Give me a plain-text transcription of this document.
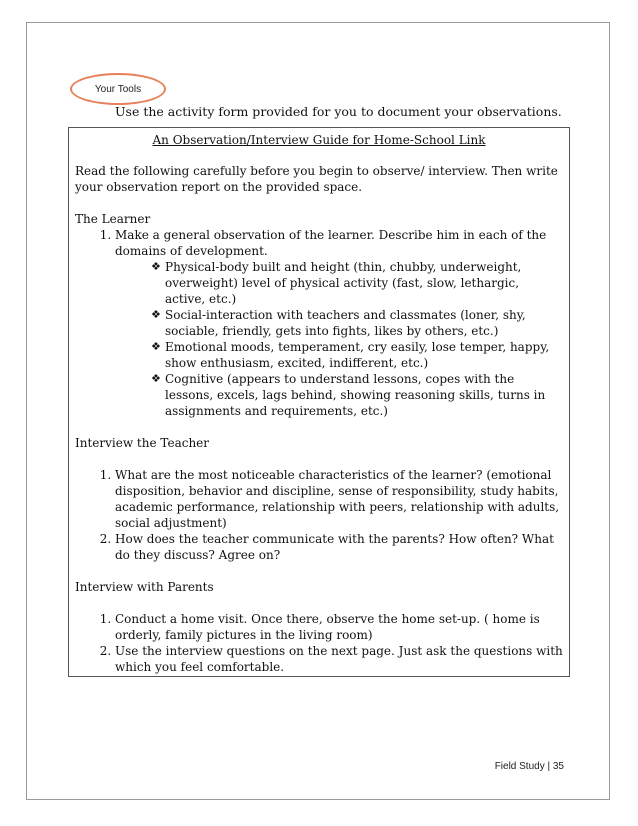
Your Tools
Use the activity form provided for you to document your observations.
An Observation/Interview Guide for Home-School Link
Read the following carefully before you begin to observe/ interview. Then write your observation report on the provided space.
The Learner
1. Make a general observation of the learner. Describe him in each of the domains of development.
❖ Physical-body built and height (thin, chubby, underweight, overweight) level of physical activity (fast, slow, lethargic, active, etc.)
❖ Social-interaction with teachers and classmates (loner, shy, sociable, friendly, gets into fights, likes by others, etc.)
❖ Emotional moods, temperament, cry easily, lose temper, happy, show enthusiasm, excited, indifferent, etc.)
❖ Cognitive (appears to understand lessons, copes with the lessons, excels, lags behind, showing reasoning skills, turns in assignments and requirements, etc.)
Interview the Teacher
1. What are the most noticeable characteristics of the learner? (emotional disposition, behavior and discipline, sense of responsibility, study habits, academic performance, relationship with peers, relationship with adults, social adjustment)
2. How does the teacher communicate with the parents? How often? What do they discuss? Agree on?
Interview with Parents
1. Conduct a home visit. Once there, observe the home set-up. ( home is orderly, family pictures in the living room)
2. Use the interview questions on the next page. Just ask the questions with which you feel comfortable.
Field Study | 35
